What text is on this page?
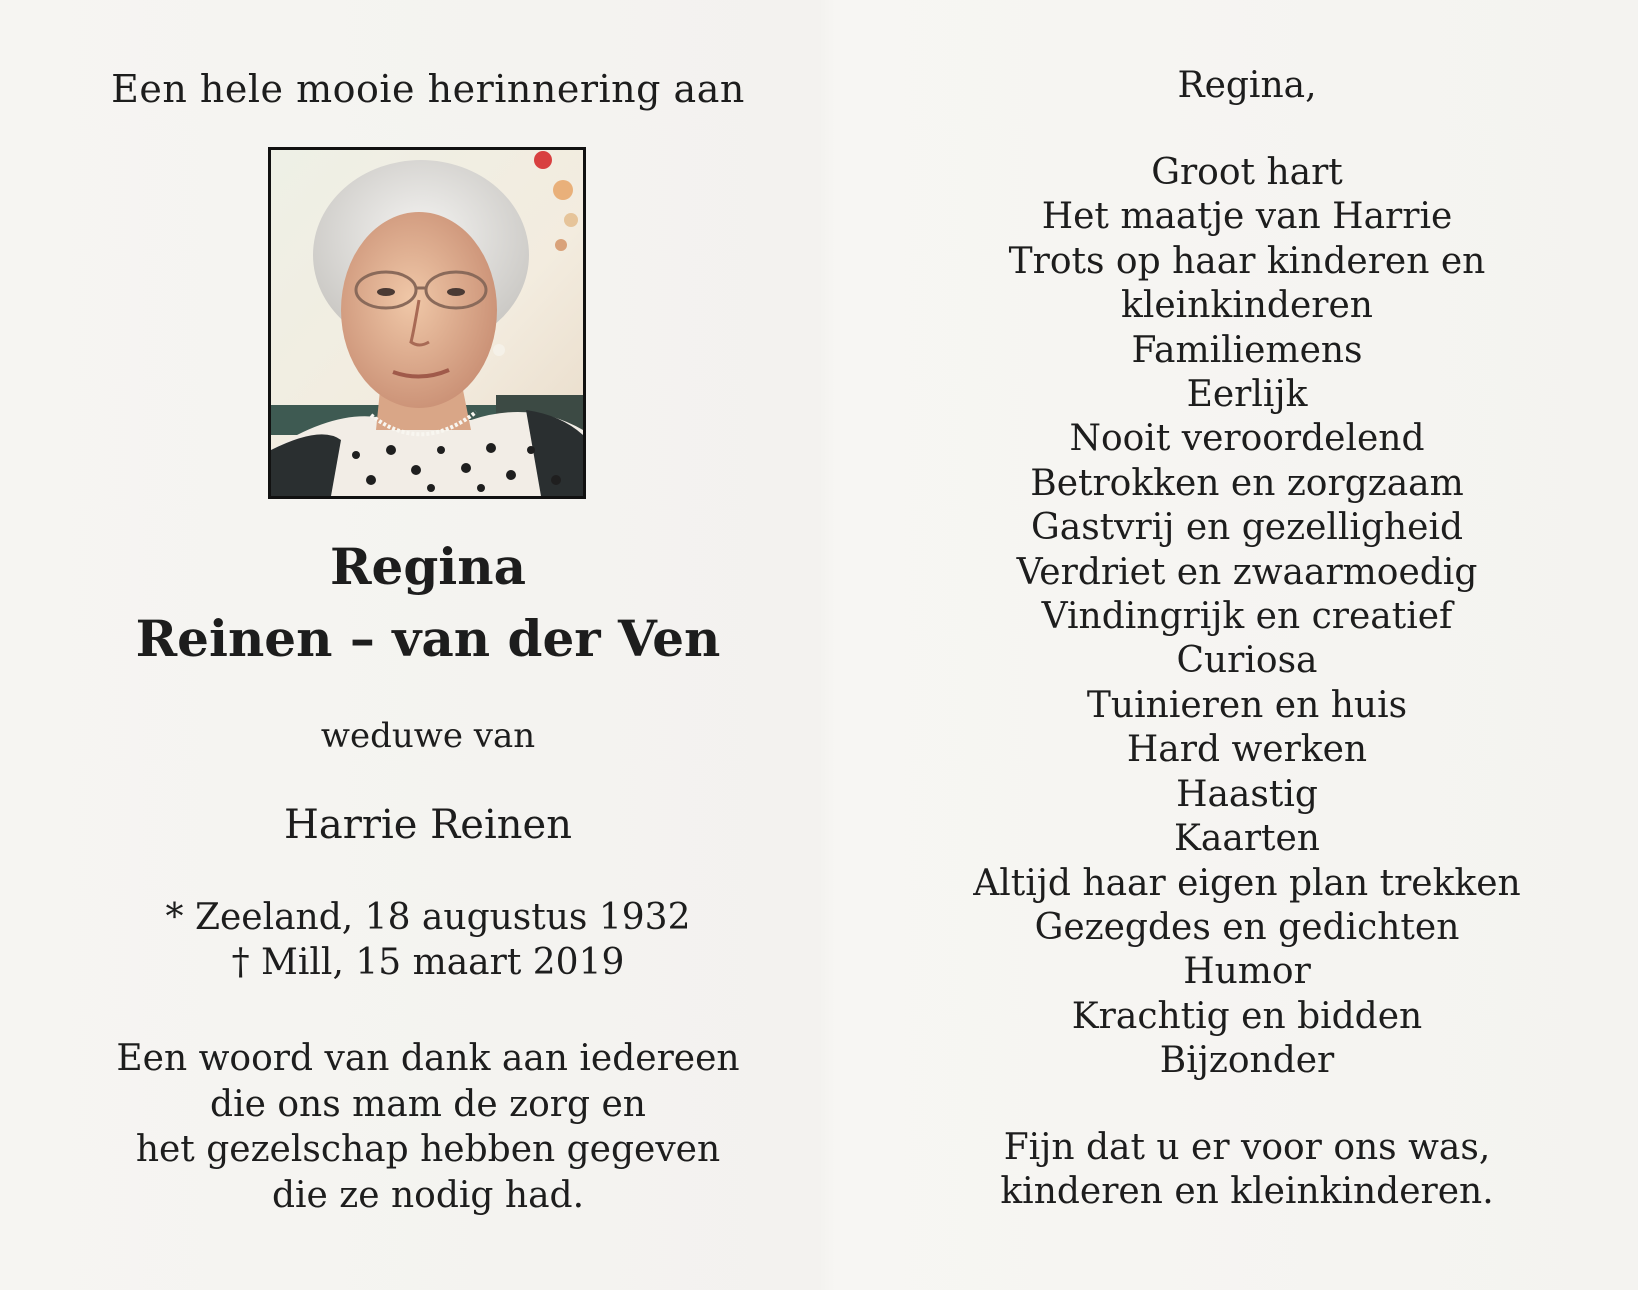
Een hele mooie herinnering aan
Regina
Reinen – van der Ven
weduwe van
Harrie Reinen
* Zeeland, 18 augustus 1932
† Mill, 15 maart 2019
Een woord van dank aan iedereen
die ons mam de zorg en
het gezelschap hebben gegeven
die ze nodig had.
Regina,
Groot hart
Het maatje van Harrie
Trots op haar kinderen en
kleinkinderen
Familiemens
Eerlijk
Nooit veroordelend
Betrokken en zorgzaam
Gastvrij en gezelligheid
Verdriet en zwaarmoedig
Vindingrijk en creatief
Curiosa
Tuinieren en huis
Hard werken
Haastig
Kaarten
Altijd haar eigen plan trekken
Gezegdes en gedichten
Humor
Krachtig en bidden
Bijzonder
Fijn dat u er voor ons was,
kinderen en kleinkinderen.
